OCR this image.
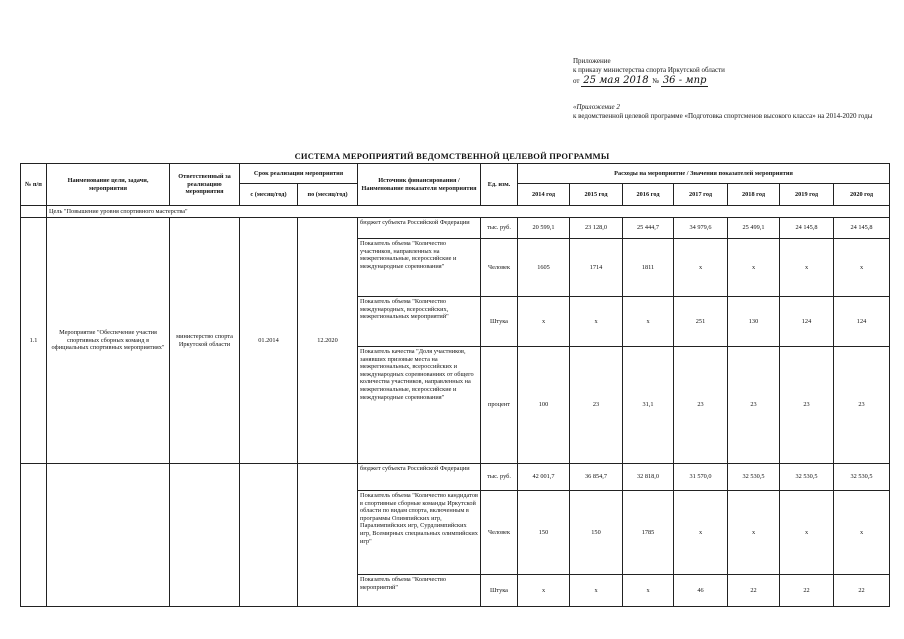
Приложение
к приказу министерства спорта Иркутской области
от 25 мая 2018 № 36 - мпр
«Приложение 2
к ведомственной целевой программе «Подготовка спортсменов высокого класса» на 2014-2020 годы
СИСТЕМА МЕРОПРИЯТИЙ ВЕДОМСТВЕННОЙ ЦЕЛЕВОЙ ПРОГРАММЫ
№ п/п	Наименование цели, задачи, мероприятия	Ответственный за реализацию мероприятия	Срок реализации мероприятия		Источник финансирования / Наименование показателя мероприятия	Ед. изм.	Расходы на мероприятие / Значения показателей мероприятия						
			с (месяц/год)	по (месяц/год)			2014 год	2015 год	2016 год	2017 год	2018 год	2019 год	2020 год
	Цель "Повышение уровня спортивного мастерства"												
1.1	Мероприятие "Обеспечение участия спортивных сборных команд в официальных спортивных мероприятиях"	министерство спорта Иркутской области	01.2014	12.2020	бюджет субъекта Российской Федерации	тыс. руб.	20 599,1	23 128,0	25 444,7	34 979,6	25 499,1	24 145,8	24 145,8
					Показатель объема "Количество участников, направленных на межрегиональные, всероссийские и международные соревнования"	Человек	1605	1714	1811	x	x	x	x
					Показатель объема "Количество международных, всероссийских, межрегиональных мероприятий"	Штука	x	x	x	251	130	124	124
					Показатель качества "Доля участников, занявших призовые места на межрегиональных, всероссийских и международных соревнованиях от общего количества участников, направленных на межрегиональные, всероссийские и международные соревнования"	процент	100	23	31,1	23	23	23	23
					бюджет субъекта Российской Федерации	тыс. руб.	42 001,7	36 854,7	32 818,0	31 570,0	32 530,5	32 530,5	32 530,5
					Показатель объема "Количество кандидатов в спортивные сборные команды Иркутской области по видам спорта, включенным в программы Олимпийских игр, Паралимпийских игр, Сурдлимпийских игр, Всемирных специальных олимпийских игр"	Человек	150	150	1785	x	x	x	x
					Показатель объема "Количество мероприятий"	Штука	x	x	x	46	22	22	22
